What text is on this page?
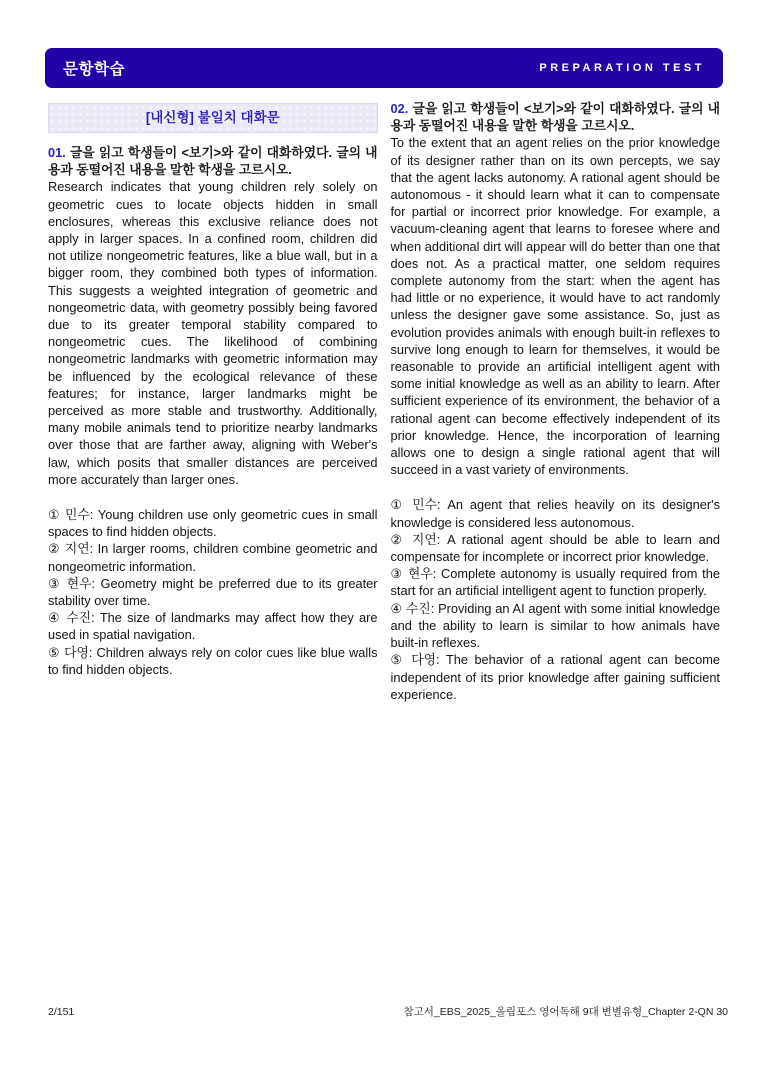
문항학습	PREPARATION TEST
[내신형] 불일치 대화문

01. 글을 읽고 학생들이 <보기>와 같이 대화하였다. 글의 내용과 동떨어진 내용을 말한 학생을 고르시오.

Research indicates that young children rely solely on geometric cues to locate objects hidden in small enclosures, whereas this exclusive reliance does not apply in larger spaces. In a confined room, children did not utilize nongeometric features, like a blue wall, but in a bigger room, they combined both types of information. This suggests a weighted integration of geometric and nongeometric data, with geometry possibly being favored due to its greater temporal stability compared to nongeometric cues. The likelihood of combining nongeometric landmarks with geometric information may be influenced by the ecological relevance of these features; for instance, larger landmarks might be perceived as more stable and trustworthy. Additionally, many mobile animals tend to prioritize nearby landmarks over those that are farther away, aligning with Weber's law, which posits that smaller distances are perceived more accurately than larger ones.

① 민수: Young children use only geometric cues in small spaces to find hidden objects.

② 지연: In larger rooms, children combine geometric and nongeometric information.

③ 현우: Geometry might be preferred due to its greater stability over time.

④ 수진: The size of landmarks may affect how they are used in spatial navigation.

⑤ 다영: Children always rely on color cues like blue walls to find hidden objects.

02. 글을 읽고 학생들이 <보기>와 같이 대화하였다. 글의 내용과 동떨어진 내용을 말한 학생을 고르시오.

To the extent that an agent relies on the prior knowledge of its designer rather than on its own percepts, we say that the agent lacks autonomy. A rational agent should be autonomous - it should learn what it can to compensate for partial or incorrect prior knowledge. For example, a vacuum-cleaning agent that learns to foresee where and when additional dirt will appear will do better than one that does not. As a practical matter, one seldom requires complete autonomy from the start: when the agent has had little or no experience, it would have to act randomly unless the designer gave some assistance. So, just as evolution provides animals with enough built-in reflexes to survive long enough to learn for themselves, it would be reasonable to provide an artificial intelligent agent with some initial knowledge as well as an ability to learn. After sufficient experience of its environment, the behavior of a rational agent can become effectively independent of its prior knowledge. Hence, the incorporation of learning allows one to design a single rational agent that will succeed in a vast variety of environments.

① 민수: An agent that relies heavily on its designer's knowledge is considered less autonomous.

② 지연: A rational agent should be able to learn and compensate for incomplete or incorrect prior knowledge.

③ 현우: Complete autonomy is usually required from the start for an artificial intelligent agent to function properly.

④ 수진: Providing an AI agent with some initial knowledge and the ability to learn is similar to how animals have built-in reflexes.

⑤ 다영: The behavior of a rational agent can become independent of its prior knowledge after gaining sufficient experience.

2/151	참고서_EBS_2025_올림포스 영어독해 9대 변별유형_Chapter 2-QN 30
